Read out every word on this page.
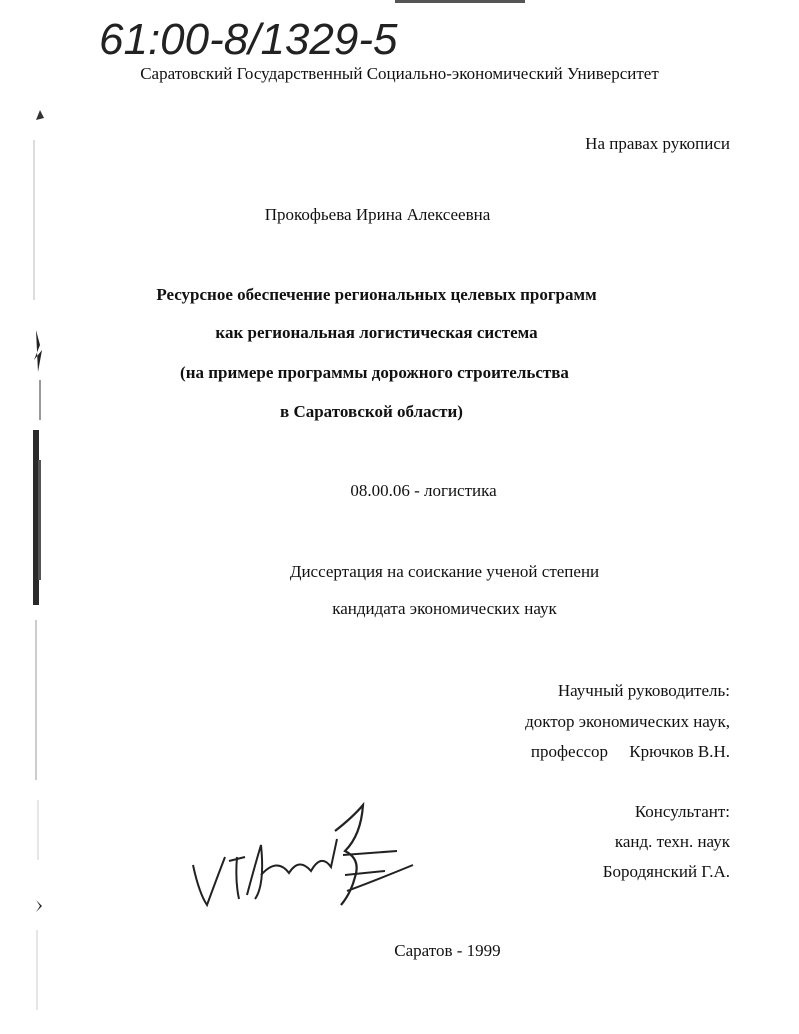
61:00-8/1329-5
Саратовский Государственный Социально-экономический Университет
На правах рукописи
Прокофьева Ирина Алексеевна
Ресурсное обеспечение региональных целевых программ
как региональная логистическая система
(на примере программы дорожного строительства
в Саратовской области)
08.00.06 - логистика
Диссертация на соискание ученой степени
кандидата экономических наук
Научный руководитель:
доктор экономических наук,
профессор     Крючков В.Н.
Консультант:
канд. техн. наук
Бородянский Г.А.
Саратов - 1999
